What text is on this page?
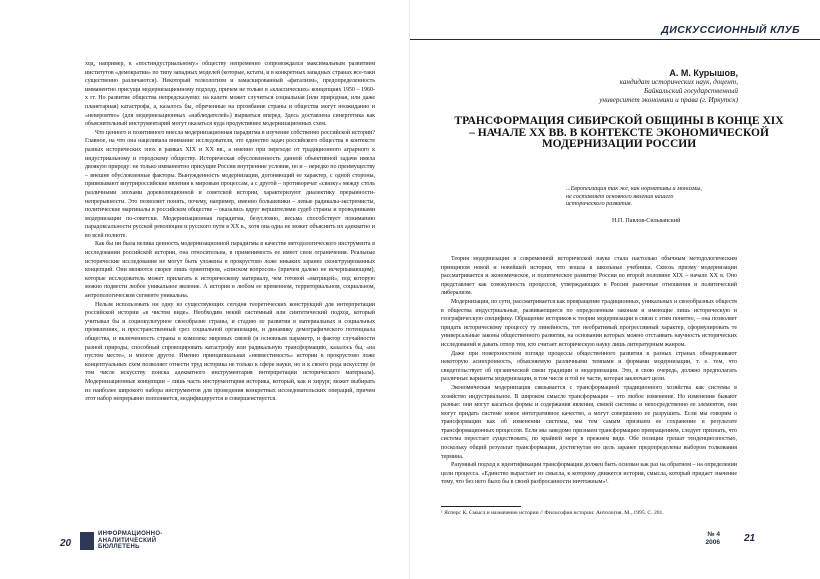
ход, например, к «постиндустриальному» обществу непременно сопровождался максимальным развитием институтов «демократии» по типу западных моделей (которые, кстати, и в конкретных западных странах все-таки существенно различаются). Некоторый телеологизм и замаскированный «фатализм», предопределенность имманентно присущи модернизационному подходу, причем не только в «классических» концепциях 1950 – 1960-х гг. Но развитие общества непредсказуемо: на калете может случиться социальная (или природная, или даже планетарная) катастрофа, а, казалось бы, обреченные на прозябание страны и общества могут неожиданно и «невероятно» (для модернизационных «наблюдателей») вырваться вперед. Здесь доставлена синергетика как объяснительный инструментарий могут оказаться куда продуктивнее модернизационных схем.

Что ценного и позитивного внесла модернизационная парадигма в изучение собственно российской истории? Главное, на что она нацеливала внимание исследователя, это единство задач российского общества в контексте разных исторических эпох в рамках XIX и XX вв., а именно при переходе от традиционного аграрного к индустриальному и городскому обществу. Историческая обусловленность данной объективной задачи имела двоякую природу: не только имманентно присущие России внутренние условия, но и – нередко по преимуществу – внешне обусловленные факторы. Вынужденность модернизации, догоняющий ее характер, с одной стороны, привязывают внутрироссийские явления к мировым процессам, а с другой – противоречат «связку» между столь различными эпохами дореволюционной и советской истории, характеризуют диалектику прерывности-непрерывности. Это позволяет понять, почему, например, именно большевики – левые радикалы-экстремисты, политические маргиналы в российском обществе – оказались вдруг вершителями судеб страны и проводниками модернизации по-советски. Модернизационная парадигма, безусловно, весьма способствует пониманию парадоксальности русской революции и русского пути в XX в., хотя она одна не может объяснить их адекватно и во всей полноте.

Как бы ни была велика ценность модернизационной парадигмы в качестве методологического инструмента в исследовании российской истории, она относительна, в применимость ее имеет свои ограничения. Реальные исторические исследования не могут быть уложены в прокрустово ложе никаких заранее сконструированных концепций. Они являются скорее лишь ориентиром, «списком вопросов» (причем далеко не исчерпывающим), которые исследователь может прилагать к историческому материалу, чем готовой «матрицей», под которую можно подвести любое уникальное явление. А история в любом ее временном, территориальном, социальном, антропологическом сегменте уникальна.

Нельзя использовать ни одну из существующих сегодня теоретических конструкций для интерпретации российской истории «в чистом виде». Необходим некий системный или синтетический подход, который учитывал бы и социокультурное своеобразие страны, и стадию ее развития в материальных и социальных проявлениях, и пространственный срез социальной организации, и динамику демографического потенциала общества, и включенность страны в комплекс мировых связей (и основным параметр, и фактор случайности разной природы, способный спровоцировать катастрофу или радикальную трансформацию, казалось бы, «на пустом месте», и многое другое. Именно принципиальная «невместимость» истории в прокрустово ложе концептуальных схем позволяет отнести труд историка не только к сфере науки, но и к своего рода искусству (в том числе искусству поиска адекватного инструментария интерпретации исторического материала). Модернизационные концепции – лишь часть инструментария историка, который, как и хирург, может выбирать из наиболее широкого набора инструментов для проведения конкретных исследовательских операций, причем этот набор непрерывно пополняется, модифицируется и совершенствуется.

20
ИНФОРМАЦИОННО-
АНАЛИТИЧЕСКИЙ
БЮЛЛЕТЕНЬ
ДИСКУССИОННЫЙ КЛУБ
А. М. Курышов,
кандидат исторических наук, доцент,
Байкальский государственный
университет экономики и права (г. Иркутск)
ТРАНСФОРМАЦИЯ СИБИРСКОЙ ОБЩИНЫ В КОНЦЕ XIX – НАЧАЛЕ XX ВВ. В КОНТЕКСТЕ ЭКОНОМИЧЕСКОЙ МОДЕРНИЗАЦИИ РОССИИ
...Европеизация так же, как нормативы и монизмы, не составляет основного явления нашего исторического развития.
Н.П. Павлов-Сильванский

Теория модернизации в современной исторической науке стала настолько обычным методологическим принципом новой и новейшей истории, что вошла в школьные учебники. Сквозь призму модернизации рассматривается и экономическое, и политическое развитие России во второй половине XIX – начале XX в. Оно представляет как совокупность процессов, утверждающих в России рыночные отношения и политический либерализм.

Модернизация, по сути, рассматривается как превращение традиционных, уникальных и своеобразных обществ в общества индустриальные, развивающиеся по определенным законам и имеющие лишь историческую и географическую специфику. Обращение историков к теории модернизации в связи с этим понятно, – она позволяет придать историческому процессу ту линейность, тот необратимый прогрессивный характер, сформулировать те универсальные законы общественного развития, на основании которых можно отстаивать научность исторических исследований и давать отпор тем, кто считает историческую науку лишь литературным жанром.

Даже при поверхностном взгляде процессы общественного развития в разных странах обнаруживают некоторую асинхронность, объясняемую различными темпами и формами модернизации, т. е. тем, что свидетельствует об органической связи традиции и модернизации. Это, в свою очередь, должно предполагать различные варианты модернизации, в том числе и той ее части, которая заключает цели.

Экономическая модернизация связывается с трансформацией традиционного хозяйства как системы в хозяйство индустриальное. В широком смысле трансформация – это любое изменение. Но изменения бывают разные: они могут касаться формы и содержания явления, связей системы и непосредственно ее элементов, они могут придать системе новое интегративное качество, а могут совершенно ее разрушить. Если мы говорим о трансформации как об изменении системы, мы тем самым признаем ее сохранение в результате трансформационных процессов. Если мы заведомо признаем трансформацию превращением, следует признать, что система перестает существовать, по крайней мере в прежнем виде. Обе позиции грешат тенденциозностью, поскольку общий результат трансформации, достигнутая ею цель заранее предопределены выбором толкования термина.

Разумный подход к идентификации трансформации должен быть основан как раз на обратном – на определении цели процесса. «Единство выраcтает из смысла, к которому движется история, смысла, который придает значение тому, что без него было бы в своей разбросанности ничтожным»¹.

¹ Ясперс К. Смысл и назначение истории // Философия истории: Антология. М., 1995. С. 201.
№ 4
2006 21
